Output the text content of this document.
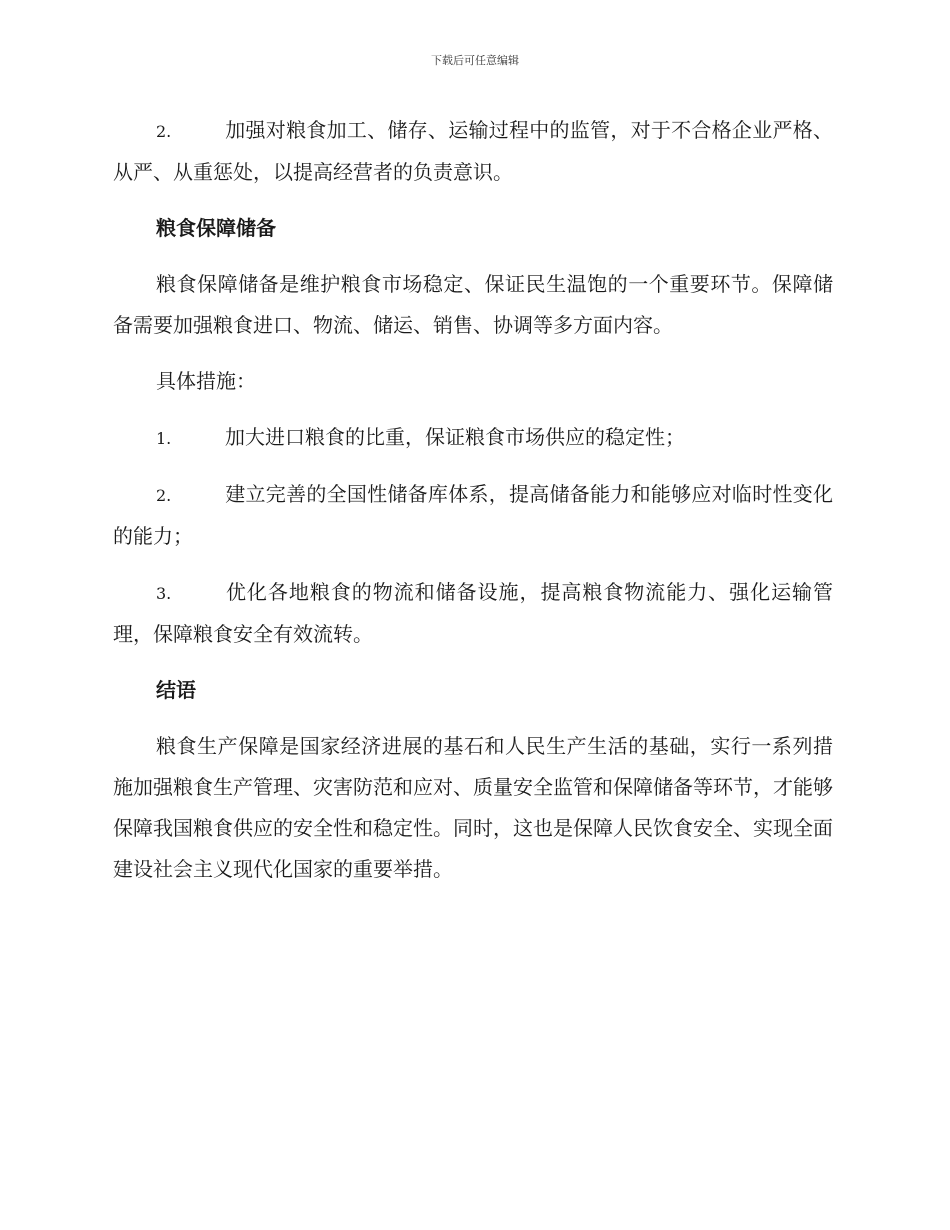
下载后可任意编辑

2.	加强对粮食加工、储存、运输过程中的监管，对于不合格企业严格、从严、从重惩处，以提高经营者的负责意识。

粮食保障储备

粮食保障储备是维护粮食市场稳定、保证民生温饱的一个重要环节。保障储备需要加强粮食进口、物流、储运、销售、协调等多方面内容。

具体措施：

1.	加大进口粮食的比重，保证粮食市场供应的稳定性；

2.	建立完善的全国性储备库体系，提高储备能力和能够应对临时性变化的能力；

3.	优化各地粮食的物流和储备设施，提高粮食物流能力、强化运输管理，保障粮食安全有效流转。

结语

粮食生产保障是国家经济进展的基石和人民生产生活的基础，实行一系列措施加强粮食生产管理、灾害防范和应对、质量安全监管和保障储备等环节，才能够保障我国粮食供应的安全性和稳定性。同时，这也是保障人民饮食安全、实现全面建设社会主义现代化国家的重要举措。
